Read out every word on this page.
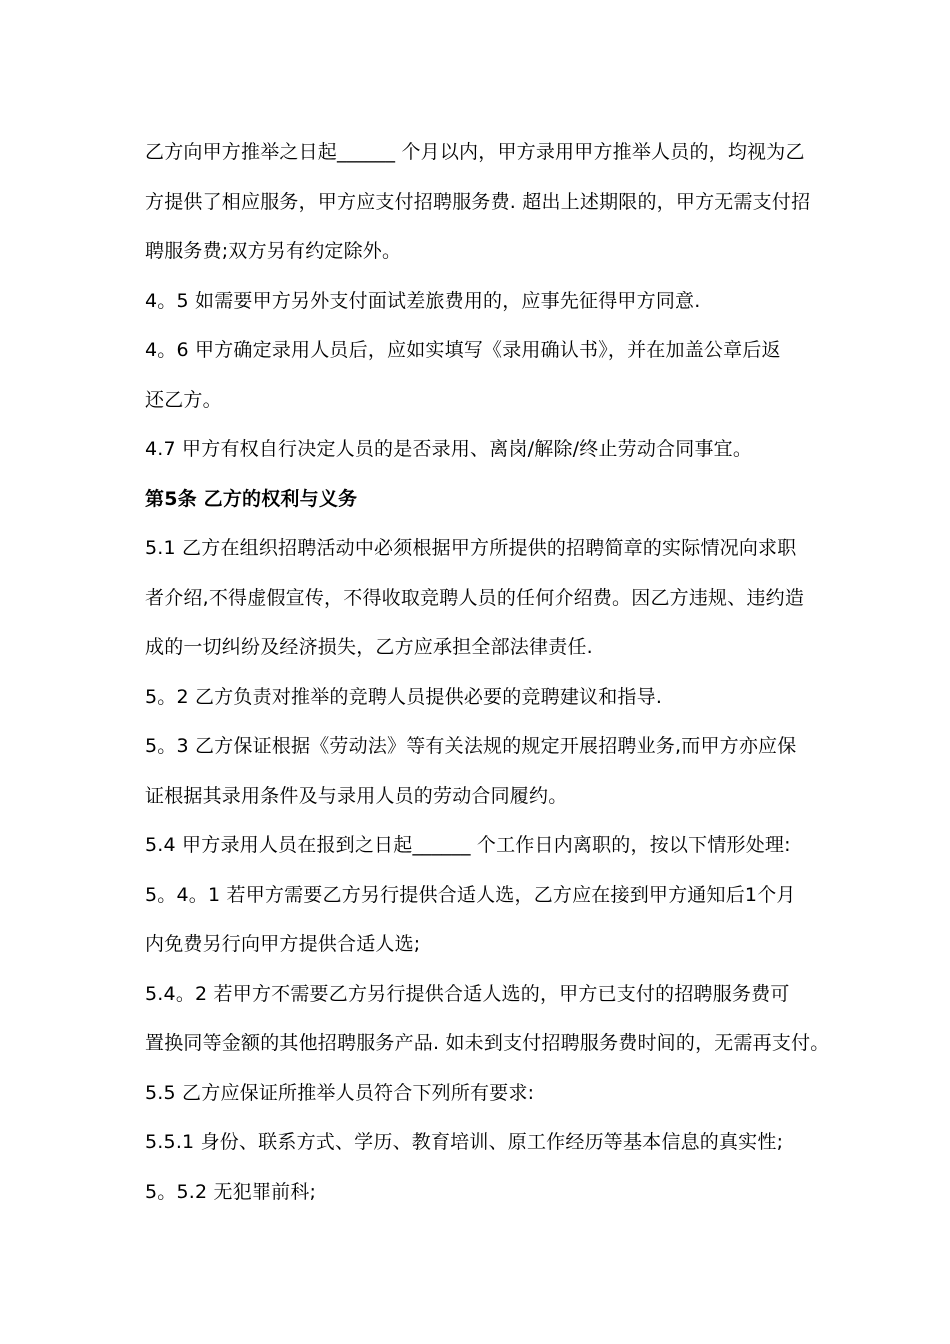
乙方向甲方推举之日起______ 个月以内，甲方录用甲方推举人员的，均视为乙
方提供了相应服务，甲方应支付招聘服务费. 超出上述期限的，甲方无需支付招
聘服务费;双方另有约定除外。
4。5 如需要甲方另外支付面试差旅费用的，应事先征得甲方同意.
4。6 甲方确定录用人员后，应如实填写《录用确认书》，并在加盖公章后返
还乙方。
4.7 甲方有权自行决定人员的是否录用、离岗/解除/终止劳动合同事宜。
第5条 乙方的权利与义务
5.1 乙方在组织招聘活动中必须根据甲方所提供的招聘简章的实际情况向求职
者介绍,不得虚假宣传，不得收取竞聘人员的任何介绍费。因乙方违规、违约造
成的一切纠纷及经济损失，乙方应承担全部法律责任.
5。2 乙方负责对推举的竞聘人员提供必要的竞聘建议和指导.
5。3 乙方保证根据《劳动法》等有关法规的规定开展招聘业务,而甲方亦应保
证根据其录用条件及与录用人员的劳动合同履约。
5.4 甲方录用人员在报到之日起______ 个工作日内离职的，按以下情形处理:
5。4。1 若甲方需要乙方另行提供合适人选，乙方应在接到甲方通知后1个月
内免费另行向甲方提供合适人选;
5.4。2 若甲方不需要乙方另行提供合适人选的，甲方已支付的招聘服务费可
置换同等金额的其他招聘服务产品. 如未到支付招聘服务费时间的，无需再支付。
5.5 乙方应保证所推举人员符合下列所有要求:
5.5.1 身份、联系方式、学历、教育培训、原工作经历等基本信息的真实性;
5。5.2 无犯罪前科;
